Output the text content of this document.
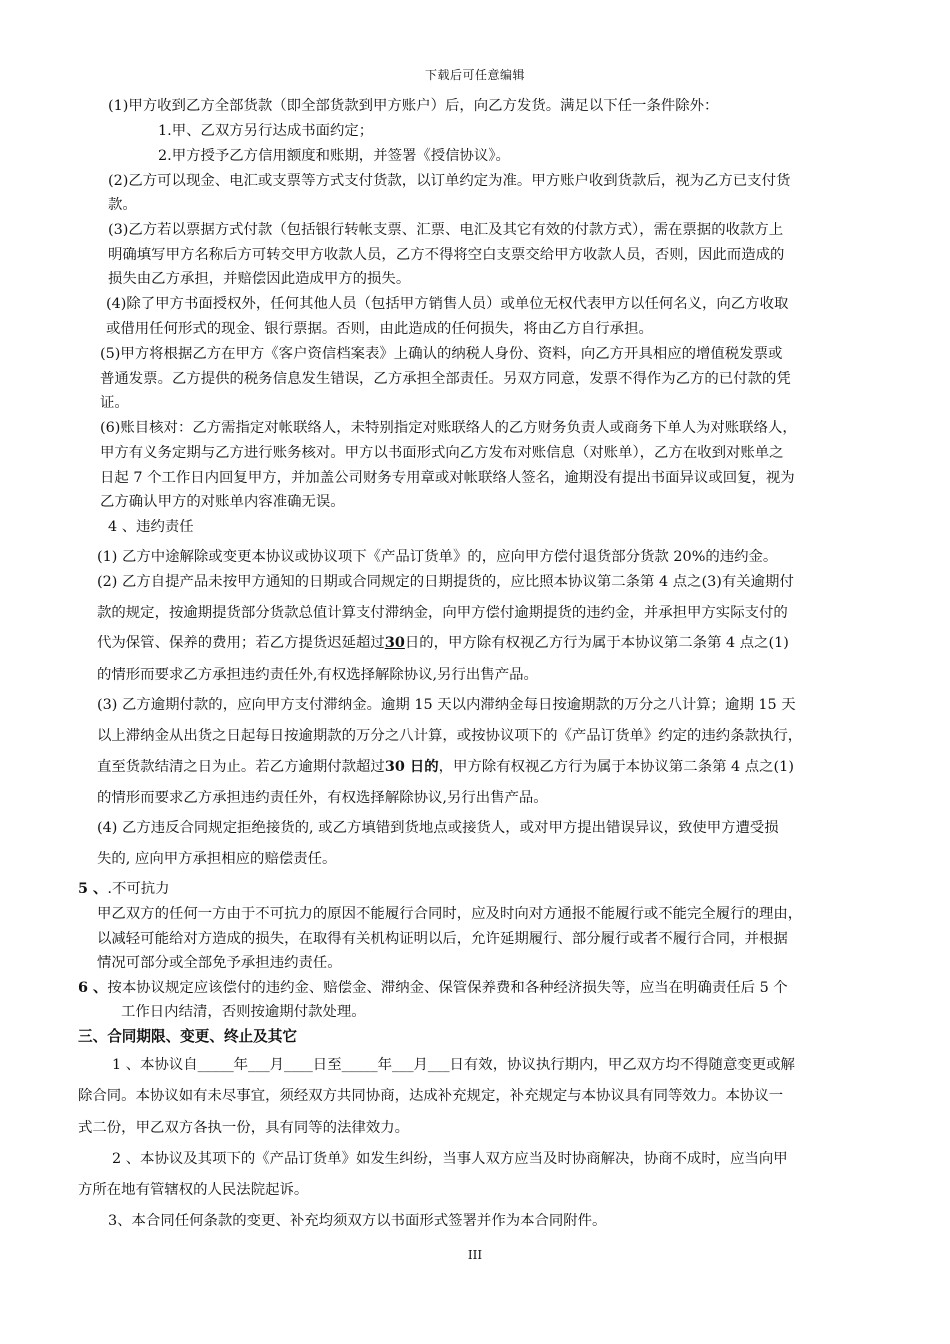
下载后可任意编辑
(1)甲方收到乙方全部货款（即全部货款到甲方账户）后，向乙方发货。满足以下任一条件除外：
1.甲、乙双方另行达成书面约定；
2.甲方授予乙方信用额度和账期，并签署《授信协议》。
(2)乙方可以现金、电汇或支票等方式支付货款，以订单约定为准。甲方账户收到货款后，视为乙方已支付货
款。
(3)乙方若以票据方式付款（包括银行转帐支票、汇票、电汇及其它有效的付款方式），需在票据的收款方上
明确填写甲方名称后方可转交甲方收款人员，乙方不得将空白支票交给甲方收款人员，否则，因此而造成的
损失由乙方承担，并赔偿因此造成甲方的损失。
(4)除了甲方书面授权外，任何其他人员（包括甲方销售人员）或单位无权代表甲方以任何名义，向乙方收取
或借用任何形式的现金、银行票据。否则，由此造成的任何损失，将由乙方自行承担。
(5)甲方将根据乙方在甲方《客户资信档案表》上确认的纳税人身份、资料，向乙方开具相应的增值税发票或
普通发票。乙方提供的税务信息发生错误，乙方承担全部责任。另双方同意，发票不得作为乙方的已付款的凭
证。
(6)账目核对：乙方需指定对帐联络人，未特别指定对账联络人的乙方财务负责人或商务下单人为对账联络人，
甲方有义务定期与乙方进行账务核对。甲方以书面形式向乙方发布对账信息（对账单），乙方在收到对账单之
日起 7 个工作日内回复甲方，并加盖公司财务专用章或对帐联络人签名，逾期没有提出书面异议或回复，视为
乙方确认甲方的对账单内容准确无误。
4 、违约责任
(1) 乙方中途解除或变更本协议或协议项下《产品订货单》的，应向甲方偿付退货部分货款 20%的违约金。
(2) 乙方自提产品未按甲方通知的日期或合同规定的日期提货的，应比照本协议第二条第 4 点之(3)有关逾期付
款的规定，按逾期提货部分货款总值计算支付滞纳金，向甲方偿付逾期提货的违约金，并承担甲方实际支付的
代为保管、保养的费用；若乙方提货迟延超过30日的，甲方除有权视乙方行为属于本协议第二条第 4 点之(1)
的情形而要求乙方承担违约责任外,有权选择解除协议,另行出售产品。
(3) 乙方逾期付款的，应向甲方支付滞纳金。逾期 15 天以内滞纳金每日按逾期款的万分之八计算；逾期 15 天
以上滞纳金从出货之日起每日按逾期款的万分之八计算，或按协议项下的《产品订货单》约定的违约条款执行，
直至货款结清之日为止。若乙方逾期付款超过30 日的，甲方除有权视乙方行为属于本协议第二条第 4 点之(1)
的情形而要求乙方承担违约责任外，有权选择解除协议,另行出售产品。
(4) 乙方违反合同规定拒绝接货的, 或乙方填错到货地点或接货人，或对甲方提出错误异议，致使甲方遭受损
失的, 应向甲方承担相应的赔偿责任。
5 、.不可抗力
甲乙双方的任何一方由于不可抗力的原因不能履行合同时，应及时向对方通报不能履行或不能完全履行的理由，
以减轻可能给对方造成的损失，在取得有关机构证明以后，允许延期履行、部分履行或者不履行合同，并根据
情况可部分或全部免予承担违约责任。
6 、按本协议规定应该偿付的违约金、赔偿金、滞纳金、保管保养费和各种经济损失等，应当在明确责任后 5 个
工作日内结清，否则按逾期付款处理。
三、合同期限、变更、终止及其它
1 、本协议自_____年___月____日至_____年___月___日有效，协议执行期内，甲乙双方均不得随意变更或解
除合同。本协议如有未尽事宜，须经双方共同协商，达成补充规定，补充规定与本协议具有同等效力。本协议一
式二份，甲乙双方各执一份，具有同等的法律效力。
2 、本协议及其项下的《产品订货单》如发生纠纷，当事人双方应当及时协商解决，协商不成时，应当向甲
方所在地有管辖权的人民法院起诉。
3、本合同任何条款的变更、补充均须双方以书面形式签署并作为本合同附件。
III
